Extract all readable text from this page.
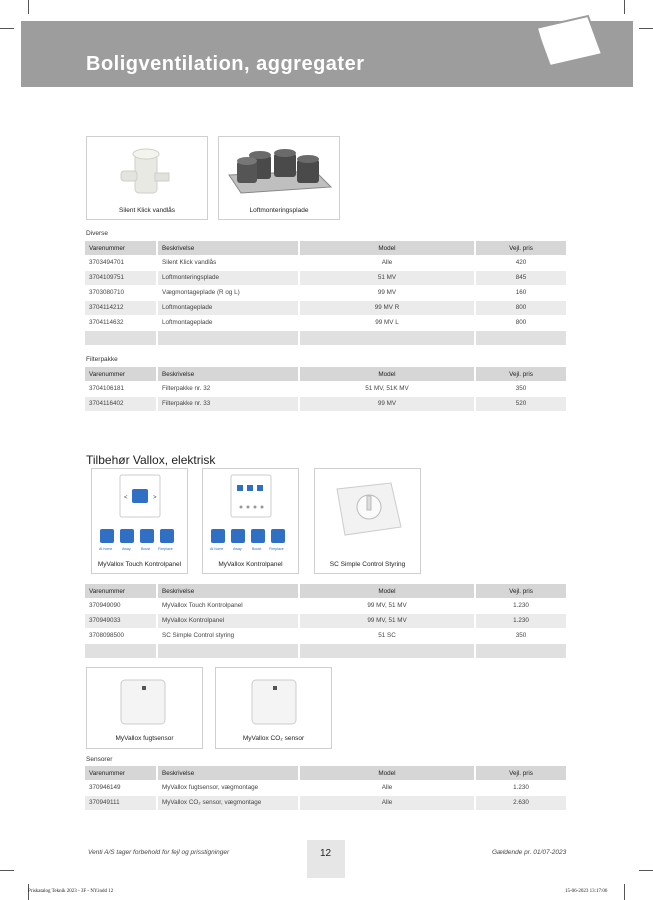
Boligventilation, aggregater
Silent Klick vandlås	Loftmonteringsplade
Diverse
Varenummer	Beskrivelse	Model	Vejl. pris
3703494701	Silent Klick vandlås	Alle	420
3704109751	Loftmonteringsplade	51 MV	845
3703080710	Vægmontageplade (R og L)	99 MV	160
3704114212	Loftmontageplade	99 MV R	800
3704114632	Loftmontageplade	99 MV L	800

Filterpakke
Varenummer	Beskrivelse	Model	Vejl. pris
3704106181	Filterpakke nr. 32	51 MV, 51K MV	350
3704116402	Filterpakke nr. 33	99 MV	520
Tilbehør Vallox, elektrisk
<	>
At home	Away	Boost Fireplace
MyVallox Touch Kontrolpanel
At home	Away	Boost Fireplace
MyVallox Kontrolpanel	SC Simple Control Styring
Varenummer	Beskrivelse	Model	Vejl. pris
370949090	MyVallox Touch Kontrolpanel	99 MV, 51 MV	1.230
370949033	MyVallox Kontrolpanel	99 MV, 51 MV	1.230
3708098500	SC Simple Control styring	51 SC	350

MyVallox fugtsensor	MyVallox CO₂ sensor
Sensorer
Varenummer	Beskrivelse	Model	Vejl. pris
370946149	MyVallox fugtsensor, vægmontage	Alle	1.230
370949111	MyVallox CO₂ sensor, vægmontage	Alle	2.630
Venti A/S tager forbehold for fejl og prisstigninger	12	Gældende pr. 01/07-2023
Priskatalog Teknik 2023 - 3F - NY.indd 12	15-06-2023 13:17:06
